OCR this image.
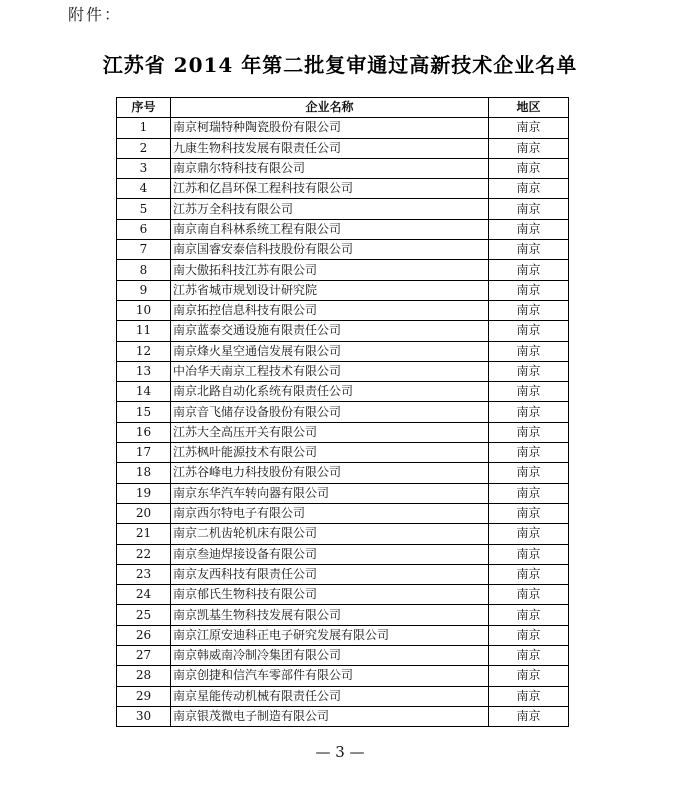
附件：
江苏省 2014 年第二批复审通过高新技术企业名单
序号	企业名称	地区
1	南京柯瑞特种陶瓷股份有限公司	南京
2	九康生物科技发展有限责任公司	南京
3	南京鼎尔特科技有限公司	南京
4	江苏和亿昌环保工程科技有限公司	南京
5	江苏万全科技有限公司	南京
6	南京南自科林系统工程有限公司	南京
7	南京国睿安泰信科技股份有限公司	南京
8	南大傲拓科技江苏有限公司	南京
9	江苏省城市规划设计研究院	南京
10	南京拓控信息科技有限公司	南京
11	南京蓝泰交通设施有限责任公司	南京
12	南京烽火星空通信发展有限公司	南京
13	中冶华天南京工程技术有限公司	南京
14	南京北路自动化系统有限责任公司	南京
15	南京音飞储存设备股份有限公司	南京
16	江苏大全高压开关有限公司	南京
17	江苏枫叶能源技术有限公司	南京
18	江苏谷峰电力科技股份有限公司	南京
19	南京东华汽车转向器有限公司	南京
20	南京西尔特电子有限公司	南京
21	南京二机齿轮机床有限公司	南京
22	南京叁迪焊接设备有限公司	南京
23	南京友西科技有限责任公司	南京
24	南京郁氏生物科技有限公司	南京
25	南京凯基生物科技发展有限公司	南京
26	南京江原安迪科正电子研究发展有限公司	南京
27	南京韩威南冷制冷集团有限公司	南京
28	南京创捷和信汽车零部件有限公司	南京
29	南京星能传动机械有限责任公司	南京
30	南京银茂微电子制造有限公司	南京
— 3 —
